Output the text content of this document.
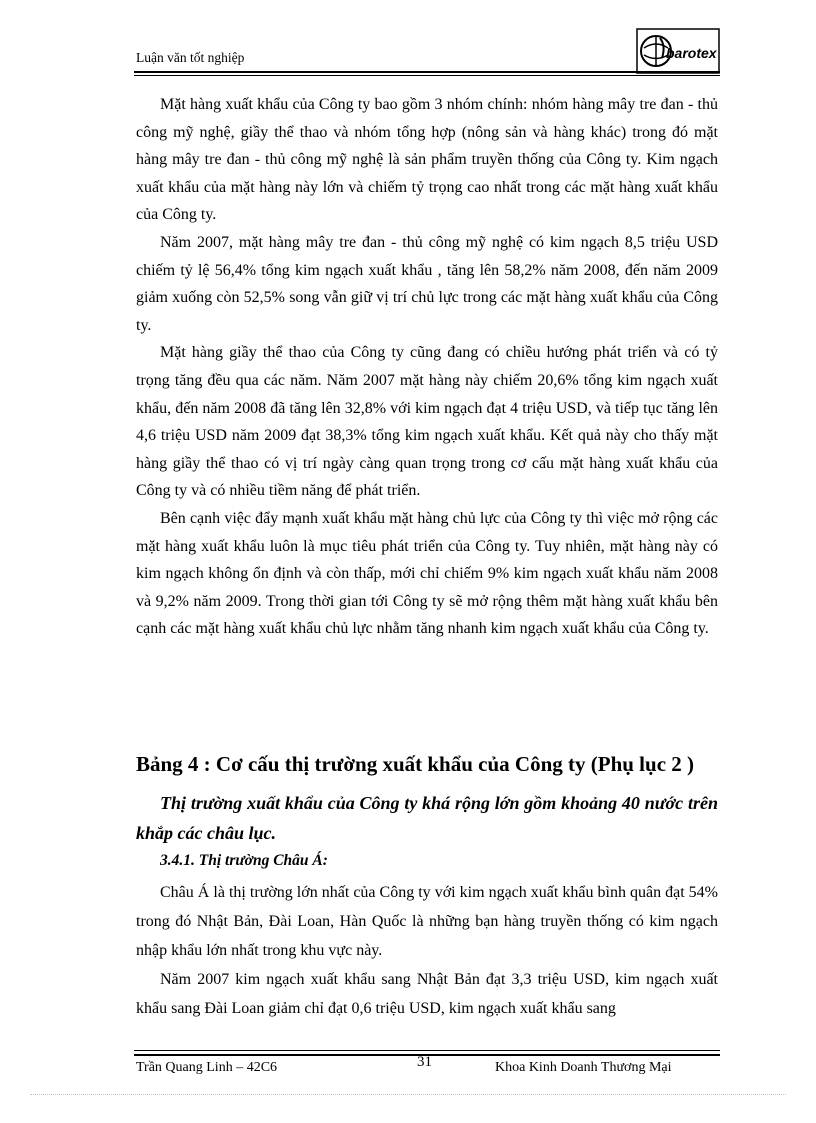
Luận văn tốt nghiệp	barotex

Mặt hàng xuất khẩu của Công ty bao gồm 3 nhóm chính: nhóm hàng mây tre đan - thủ công mỹ nghệ, giầy thể thao và nhóm tổng hợp (nông sản và hàng khác) trong đó mặt hàng mây tre đan - thủ công mỹ nghệ là sản phẩm truyền thống của Công ty. Kim ngạch xuất khẩu của mặt hàng này lớn và chiếm tỷ trọng cao nhất trong các mặt hàng xuất khẩu của Công ty.

Năm 2007, mặt hàng mây tre đan - thủ công mỹ nghệ có kim ngạch 8,5 triệu USD chiếm tỷ lệ 56,4% tổng kim ngạch xuất khẩu , tăng lên 58,2% năm 2008, đến năm 2009 giảm xuống còn 52,5% song vẫn giữ vị trí chủ lực trong các mặt hàng xuất khẩu của Công ty.

Mặt hàng giầy thể thao của Công ty cũng đang có chiều hướng phát triển và có tỷ trọng tăng đều qua các năm. Năm 2007 mặt hàng này chiếm 20,6% tổng kim ngạch xuất khẩu, đến năm 2008 đã tăng lên 32,8% với kim ngạch đạt 4 triệu USD, và tiếp tục tăng lên 4,6 triệu USD năm 2009 đạt 38,3% tổng kim ngạch xuất khẩu. Kết quả này cho thấy mặt hàng giầy thể thao có vị trí ngày càng quan trọng trong cơ cấu mặt hàng xuất khẩu của Công ty và có nhiều tiềm năng để phát triển.

Bên cạnh việc đẩy mạnh xuất khẩu mặt hàng chủ lực của Công ty thì việc mở rộng các mặt hàng xuất khẩu luôn là mục tiêu phát triển của Công ty. Tuy nhiên, mặt hàng này có kim ngạch không ổn định và còn thấp, mới chỉ chiếm 9% kim ngạch xuất khẩu năm 2008 và 9,2% năm 2009. Trong thời gian tới Công ty sẽ mở rộng thêm mặt hàng xuất khẩu bên cạnh các mặt hàng xuất khẩu chủ lực nhằm tăng nhanh kim ngạch xuất khẩu của Công ty.

Bảng 4 : Cơ cấu thị trường xuất khẩu của Công ty (Phụ lục 2 )
Thị trường xuất khẩu của Công ty khá rộng lớn gồm khoảng 40 nước trên khắp các châu lục.
3.4.1. Thị trường Châu Á:

Châu Á là thị trường lớn nhất của Công ty với kim ngạch xuất khẩu bình quân đạt 54% trong đó Nhật Bản, Đài Loan, Hàn Quốc là những bạn hàng truyền thống có kim ngạch nhập khẩu lớn nhất trong khu vực này.

Năm 2007 kim ngạch xuất khẩu sang Nhật Bản đạt 3,3 triệu USD, kim ngạch xuất khẩu sang Đài Loan giảm chỉ đạt 0,6 triệu USD, kim ngạch xuất khẩu sang

Trần Quang Linh – 42C6	31	Khoa Kinh Doanh Thương Mại
